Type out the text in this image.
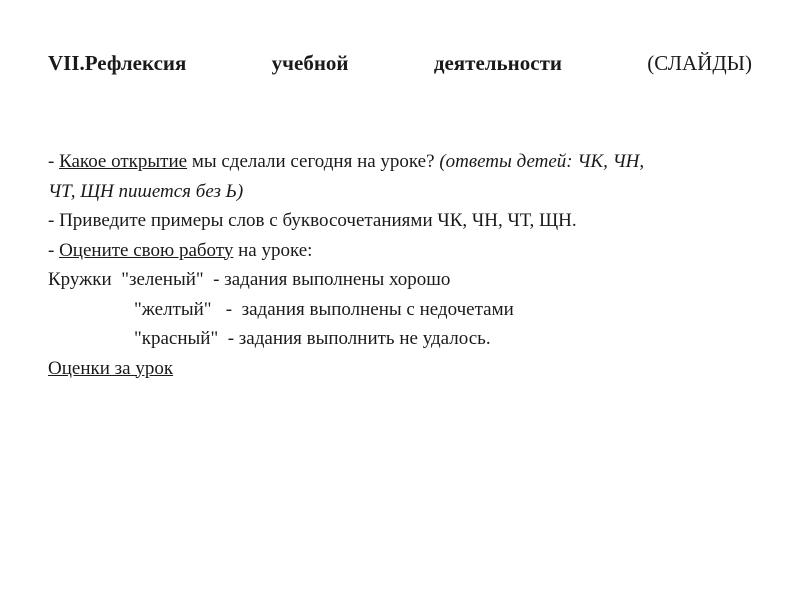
VII.Рефлексия	учебной	деятельности	(СЛАЙДЫ)
- Какое открытие мы сделали сегодня на уроке? (ответы детей: ЧК, ЧН,
ЧТ, ЩН пишется без Ь)
- Приведите примеры слов с буквосочетаниями ЧК, ЧН, ЧТ, ЩН.
- Оцените свою работу на уроке:
Кружки  "зеленый"  - задания выполнены хорошо
"желтый"   -  задания выполнены с недочетами
"красный"  - задания выполнить не удалось.
Оценки за урок
